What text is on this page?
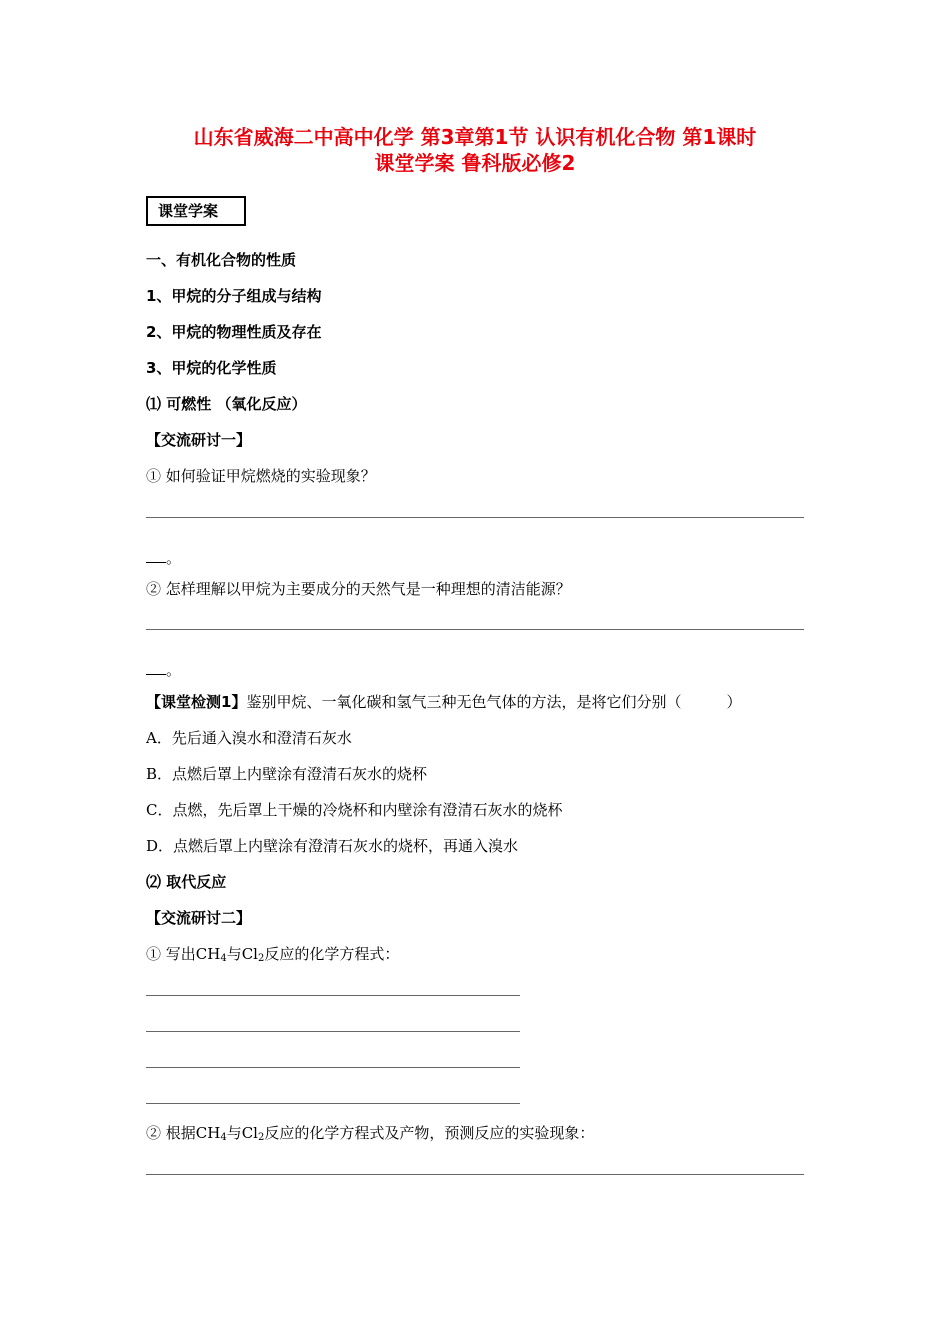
山东省威海二中高中化学 第3章第1节 认识有机化合物 第1课时
课堂学案 鲁科版必修2
课堂学案
一、有机化合物的性质
1、甲烷的分子组成与结构
2、甲烷的物理性质及存在
3、甲烷的化学性质
⑴ 可燃性 （氧化反应）
【交流研讨一】
① 如何验证甲烷燃烧的实验现象？
。
② 怎样理解以甲烷为主要成分的天然气是一种理想的清洁能源？
。
【课堂检测1】鉴别甲烷、一氧化碳和氢气三种无色气体的方法，是将它们分别（　　　）
A．先后通入溴水和澄清石灰水
B．点燃后罩上内壁涂有澄清石灰水的烧杯
C．点燃，先后罩上干燥的冷烧杯和内壁涂有澄清石灰水的烧杯
D．点燃后罩上内壁涂有澄清石灰水的烧杯，再通入溴水
⑵ 取代反应
【交流研讨二】
① 写出$CH_4$与$Cl_2$反应的化学方程式：
② 根据$CH_4$与$Cl_2$反应的化学方程式及产物，预测反应的实验现象：
